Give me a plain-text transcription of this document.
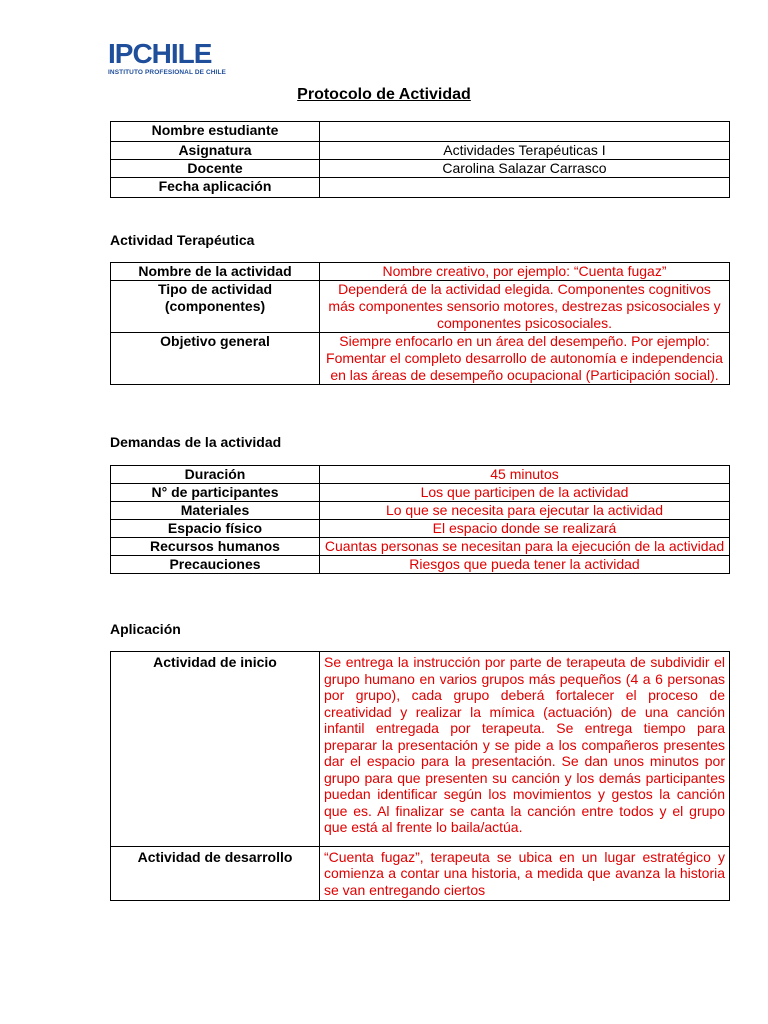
IPCHILE
INSTITUTO PROFESIONAL DE CHILE
Protocolo de Actividad
Nombre estudiante	
Asignatura	Actividades Terapéuticas I
Docente	Carolina Salazar Carrasco
Fecha aplicación	
Actividad Terapéutica
Nombre de la actividad	Nombre creativo, por ejemplo: “Cuenta fugaz”
Tipo de actividad (componentes)	Dependerá de la actividad elegida. Componentes cognitivos más componentes sensorio motores, destrezas psicosociales y componentes psicosociales.
Objetivo general	Siempre enfocarlo en un área del desempeño. Por ejemplo: Fomentar el completo desarrollo de autonomía e independencia en las áreas de desempeño ocupacional (Participación social).
Demandas de la actividad
Duración	45 minutos
N° de participantes	Los que participen de la actividad
Materiales	Lo que se necesita para ejecutar la actividad
Espacio físico	El espacio donde se realizará
Recursos humanos	Cuantas personas se necesitan para la ejecución de la actividad
Precauciones	Riesgos que pueda tener la actividad
Aplicación
Actividad de inicio	Se entrega la instrucción por parte de terapeuta de subdividir el grupo humano en varios grupos más pequeños (4 a 6 personas por grupo), cada grupo deberá fortalecer el proceso de creatividad y realizar la mímica (actuación) de una canción infantil entregada por terapeuta. Se entrega tiempo para preparar la presentación y se pide a los compañeros presentes dar el espacio para la presentación. Se dan unos minutos por grupo para que presenten su canción y los demás participantes puedan identificar según los movimientos y gestos la canción que es. Al finalizar se canta la canción entre todos y el grupo que está al frente lo baila/actúa.
Actividad de desarrollo	“Cuenta fugaz”, terapeuta se ubica en un lugar estratégico y comienza a contar una historia, a medida que avanza la historia se van entregando ciertos
